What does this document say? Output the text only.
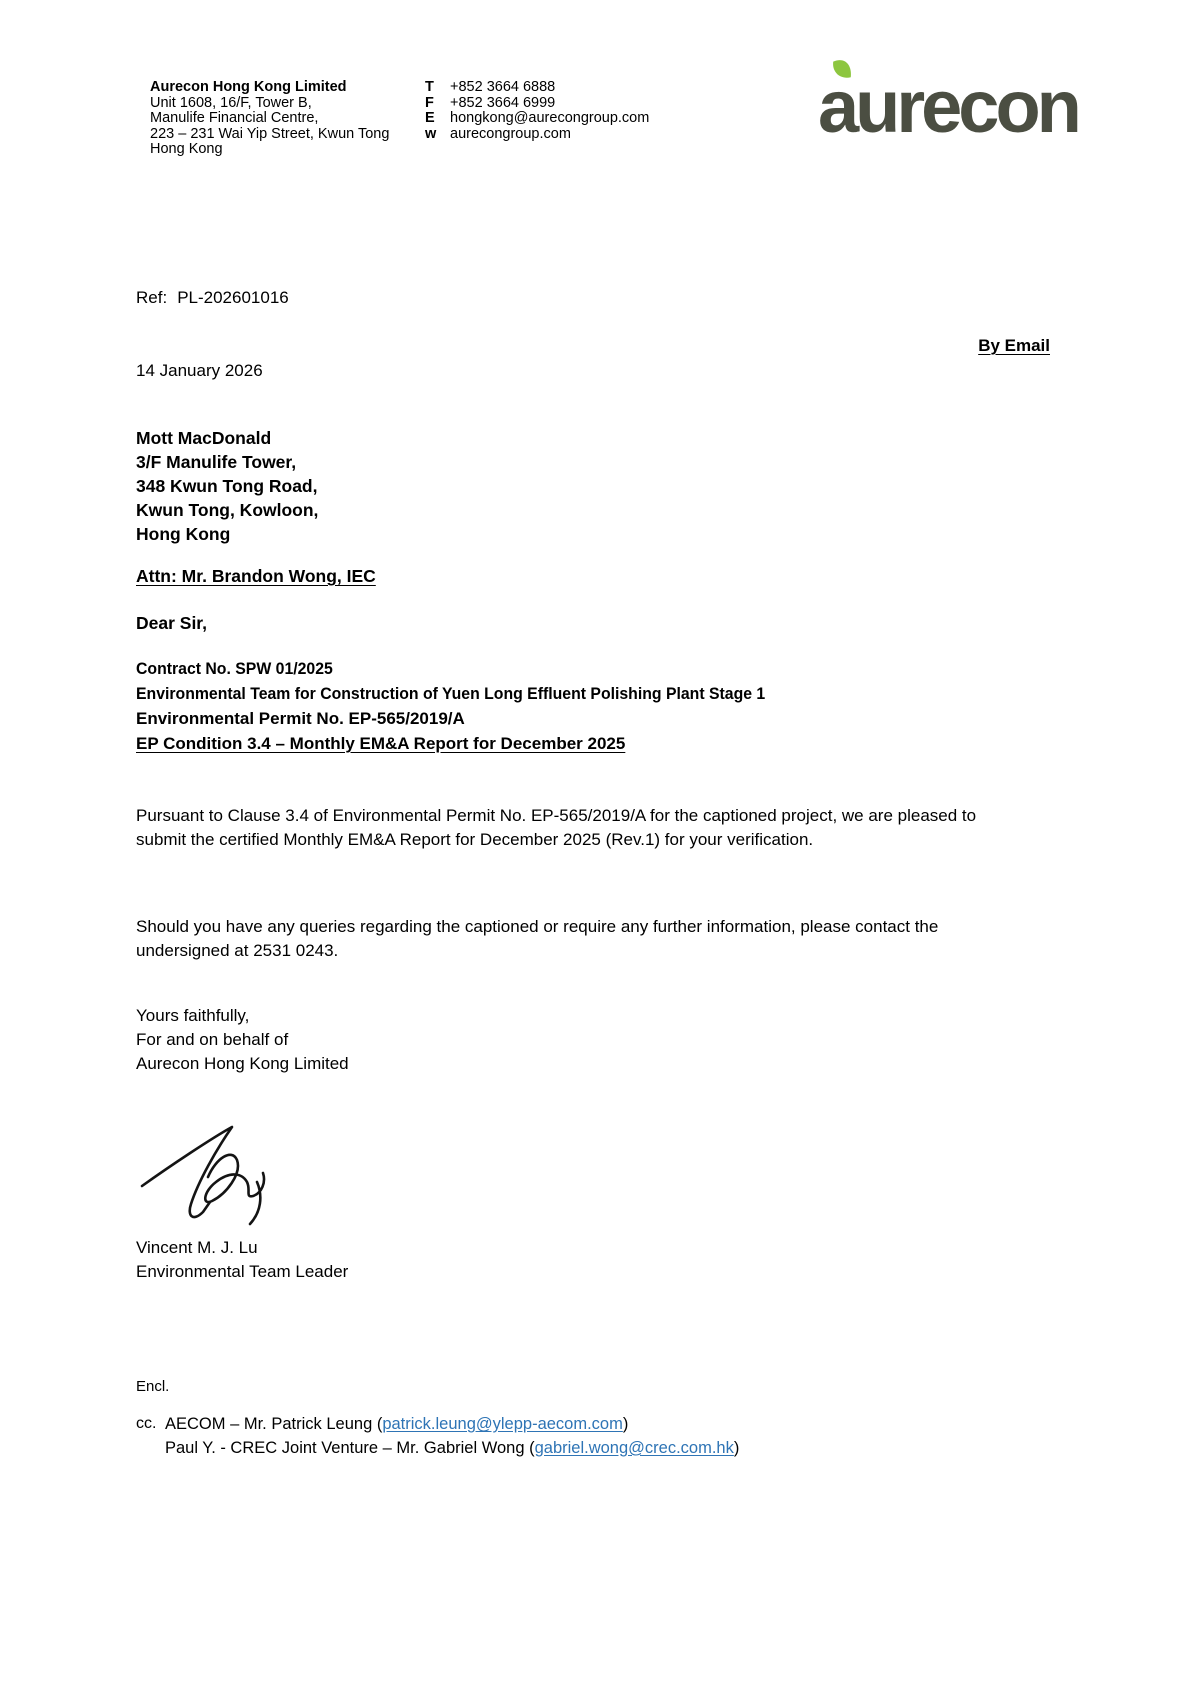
Aurecon Hong Kong Limited
Unit 1608, 16/F, Tower B,
Manulife Financial Centre,
223 – 231 Wai Yip Street, Kwun Tong
Hong Kong
T	+852 3664 6888
F	+852 3664 6999
E	hongkong@aurecongroup.com
w aurecongroup.com	aurecon
Ref: PL-202601016
By Email
14 January 2026
Mott MacDonald
3/F Manulife Tower,
348 Kwun Tong Road,
Kwun Tong, Kowloon,
Hong Kong
Attn: Mr. Brandon Wong, IEC
Dear Sir,
Contract No. SPW 01/2025
Environmental Team for Construction of Yuen Long Effluent Polishing Plant Stage 1
Environmental Permit No. EP-565/2019/A
EP Condition 3.4 – Monthly EM&A Report for December 2025
Pursuant to Clause 3.4 of Environmental Permit No. EP-565/2019/A for the captioned project, we are pleased to submit the certified Monthly EM&A Report for December 2025 (Rev.1) for your verification.
Should you have any queries regarding the captioned or require any further information, please contact the undersigned at 2531 0243.
Yours faithfully,
For and on behalf of
Aurecon Hong Kong Limited
Vincent M. J. Lu
Environmental Team Leader
Encl.
cc. AECOM – Mr. Patrick Leung (patrick.leung@ylepp-aecom.com)
Paul Y. - CREC Joint Venture – Mr. Gabriel Wong (gabriel.wong@crec.com.hk)
